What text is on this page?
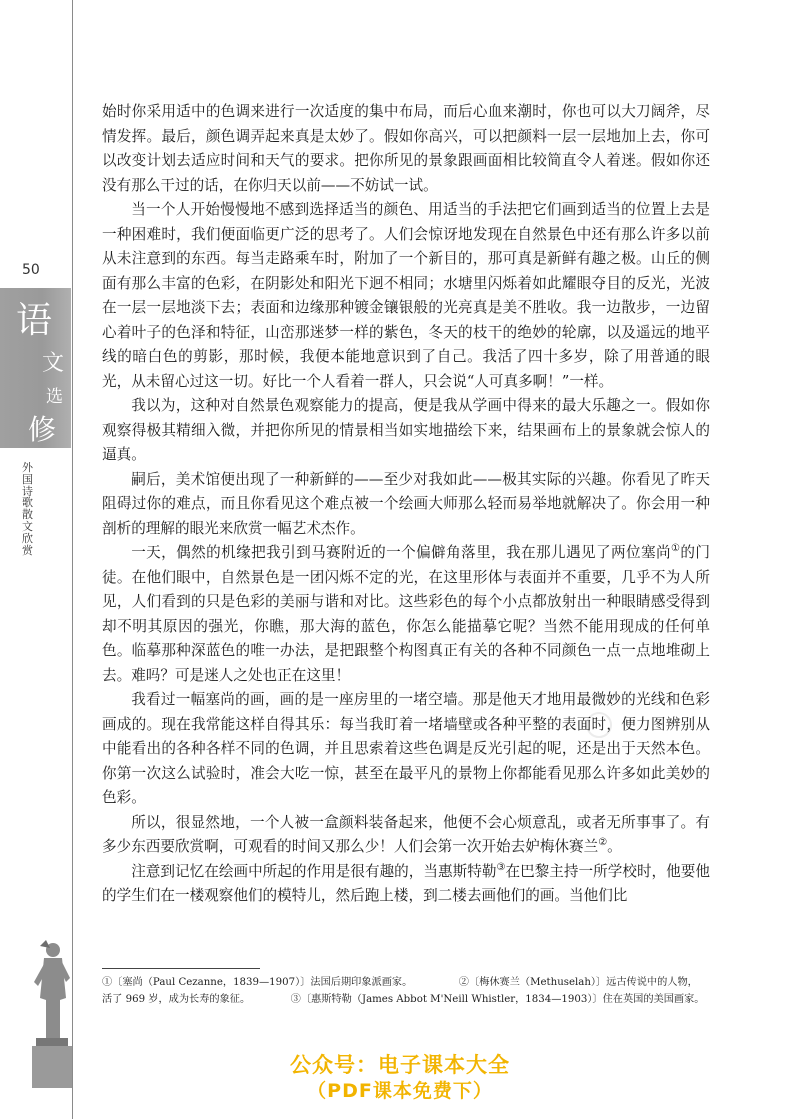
50
语
文
选
修
外国诗歌散文欣赏

始时你采用适中的色调来进行一次适度的集中布局，而后心血来潮时，你也可以大刀阔斧，尽情发挥。最后，颜色调弄起来真是太妙了。假如你高兴，可以把颜料一层一层地加上去，你可以改变计划去适应时间和天气的要求。把你所见的景象跟画面相比较简直令人着迷。假如你还没有那么干过的话，在你归天以前——不妨试一试。

当一个人开始慢慢地不感到选择适当的颜色、用适当的手法把它们画到适当的位置上去是一种困难时，我们便面临更广泛的思考了。人们会惊讶地发现在自然景色中还有那么许多以前从未注意到的东西。每当走路乘车时，附加了一个新目的，那可真是新鲜有趣之极。山丘的侧面有那么丰富的色彩，在阴影处和阳光下迥不相同；水塘里闪烁着如此耀眼夺目的反光，光波在一层一层地淡下去；表面和边缘那种镀金镶银般的光亮真是美不胜收。我一边散步，一边留心着叶子的色泽和特征，山峦那迷梦一样的紫色，冬天的枝干的绝妙的轮廓，以及遥远的地平线的暗白色的剪影，那时候，我便本能地意识到了自己。我活了四十多岁，除了用普通的眼光，从未留心过这一切。好比一个人看着一群人，只会说“人可真多啊！”一样。

我以为，这种对自然景色观察能力的提高，便是我从学画中得来的最大乐趣之一。假如你观察得极其精细入微，并把你所见的情景相当如实地描绘下来，结果画布上的景象就会惊人的逼真。

嗣后，美术馆便出现了一种新鲜的——至少对我如此——极其实际的兴趣。你看见了昨天阻碍过你的难点，而且你看见这个难点被一个绘画大师那么轻而易举地就解决了。你会用一种剖析的理解的眼光来欣赏一幅艺术杰作。

一天，偶然的机缘把我引到马赛附近的一个偏僻角落里，我在那儿遇见了两位塞尚①的门徒。在他们眼中，自然景色是一团闪烁不定的光，在这里形体与表面并不重要，几乎不为人所见，人们看到的只是色彩的美丽与谐和对比。这些彩色的每个小点都放射出一种眼睛感受得到却不明其原因的强光，你瞧，那大海的蓝色，你怎么能描摹它呢？当然不能用现成的任何单色。临摹那种深蓝色的唯一办法，是把跟整个构图真正有关的各种不同颜色一点一点地堆砌上去。难吗？可是迷人之处也正在这里！

我看过一幅塞尚的画，画的是一座房里的一堵空墙。那是他天才地用最微妙的光线和色彩画成的。现在我常能这样自得其乐：每当我盯着一堵墙壁或各种平整的表面时，便力图辨别从中能看出的各种各样不同的色调，并且思索着这些色调是反光引起的呢，还是出于天然本色。你第一次这么试验时，准会大吃一惊，甚至在最平凡的景物上你都能看见那么许多如此美妙的色彩。

所以，很显然地，一个人被一盒颜料装备起来，他便不会心烦意乱，或者无所事事了。有多少东西要欣赏啊，可观看的时间又那么少！人们会第一次开始去妒梅休赛兰②。

注意到记忆在绘画中所起的作用是很有趣的，当惠斯特勒③在巴黎主持一所学校时，他要他的学生们在一楼观察他们的模特儿，然后跑上楼，到二楼去画他们的画。当他们比

①〔塞尚（Paul Cezanne，1839—1907）〕法国后期印象派画家。	②〔梅休赛兰（Methuselah）〕远古传说中的人物，
活了 969 岁，成为长寿的象征。	③〔惠斯特勒（James Abbot M'Neill Whistler，1834—1903）〕住在英国的美国画家。
公众号：电子课本大全
（PDF课本免费下）
